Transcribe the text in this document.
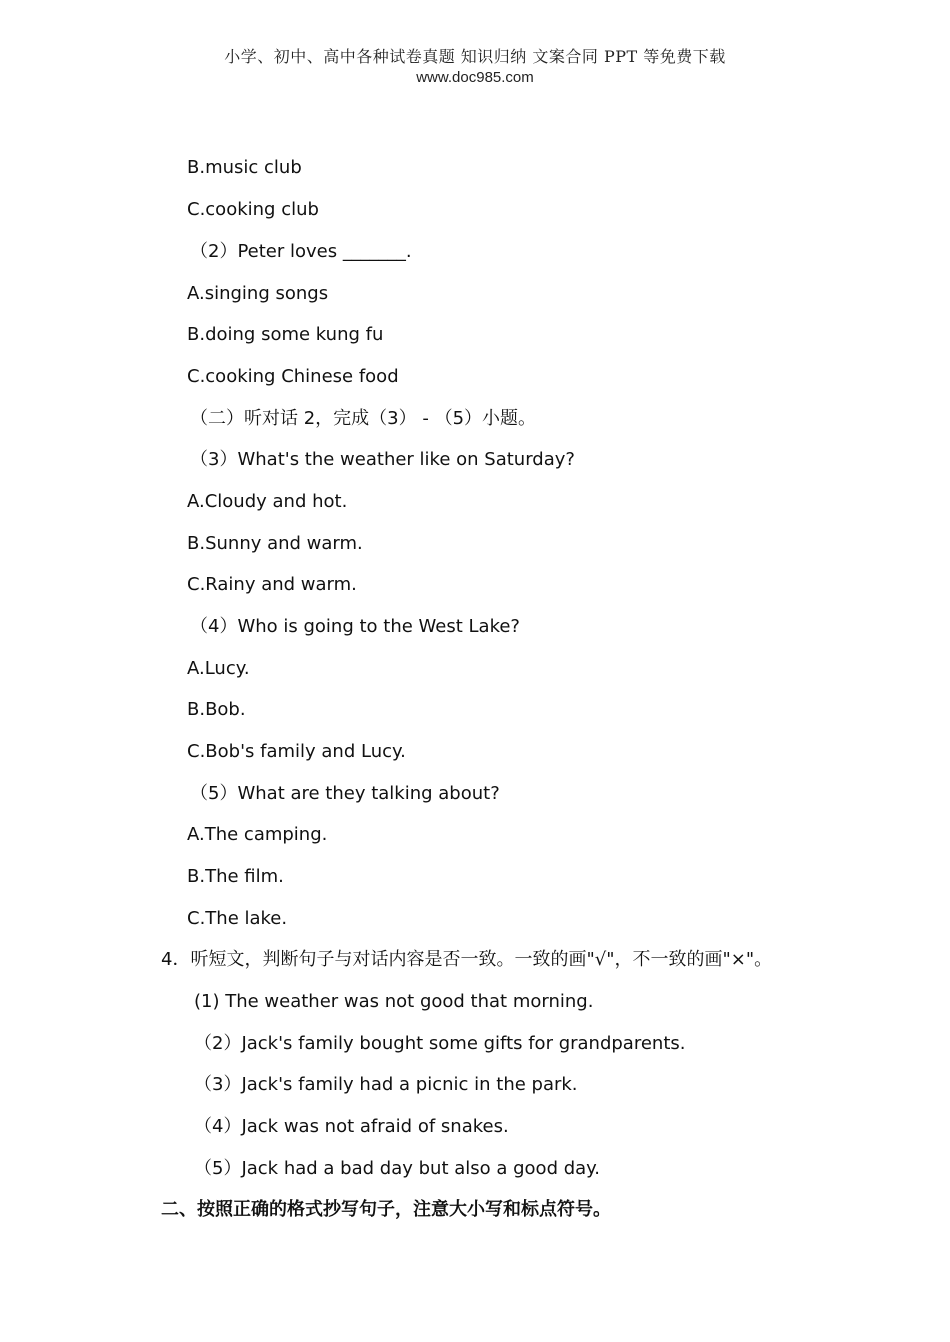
小学、初中、高中各种试卷真题 知识归纳 文案合同 PPT 等免费下载
www.doc985.com
B.music club
C.cooking club
（2）Peter loves _______.
A.singing songs
B.doing some kung fu
C.cooking Chinese food
（二）听对话 2，完成（3） - （5）小题。
（3）What's the weather like on Saturday?
A.Cloudy and hot.
B.Sunny and warm.
C.Rainy and warm.
（4）Who is going to the West Lake?
A.Lucy.
B.Bob.
C.Bob's family and Lucy.
（5）What are they talking about?
A.The camping.
B.The film.
C.The lake.
4．听短文，判断句子与对话内容是否一致。一致的画"√"，不一致的画"×"。
(1) The weather was not good that morning.
（2）Jack's family bought some gifts for grandparents.
（3）Jack's family had a picnic in the park.
（4）Jack was not afraid of snakes.
（5）Jack had a bad day but also a good day.
二、按照正确的格式抄写句子，注意大小写和标点符号。
